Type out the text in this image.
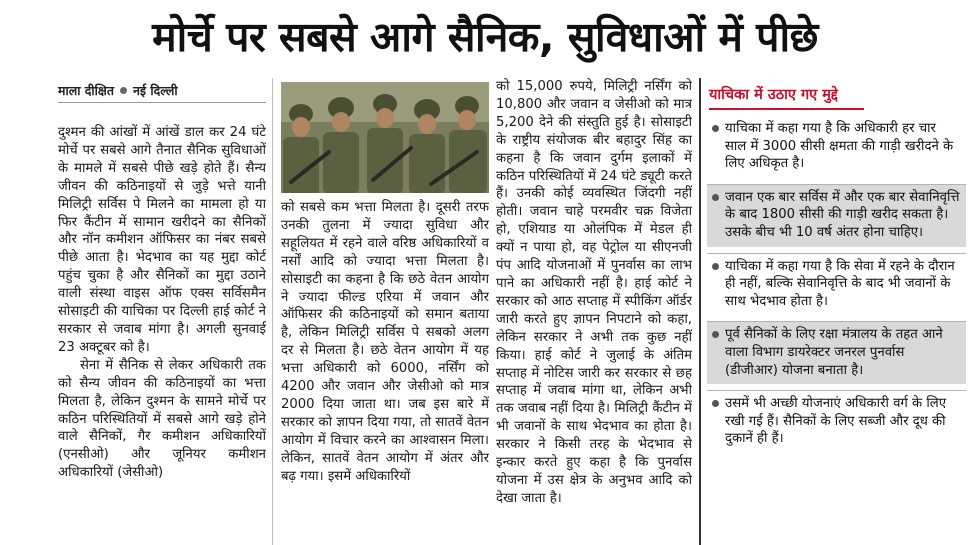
मोर्चे पर सबसे आगे सैनिक, सुविधाओं में पीछे
माला दीक्षित नई दिल्ली

दुश्मन की आंखों में आंखें डाल कर 24 घंटे मोर्चे पर सबसे आगे तैनात सैनिक सुविधाओं के मामले में सबसे पीछे खड़े होते हैं। सैन्य जीवन की कठिनाइयों से जुड़े भत्ते यानी मिलिट्री सर्विस पे मिलने का मामला हो या फिर कैंटीन में सामान खरीदने का सैनिकों और नॉन कमीशन ऑफिसर का नंबर सबसे पीछे आता है। भेदभाव का यह मुद्दा कोर्ट पहुंच चुका है और सैनिकों का मुद्दा उठाने वाली संस्था वाइस ऑफ एक्स सर्विसमैन सोसाइटी की याचिका पर दिल्ली हाई कोर्ट ने सरकार से जवाब मांगा है। अगली सुनवाई 23 अक्टूबर को है।

सेना में सैनिक से लेकर अधिकारी तक को सैन्य जीवन की कठिनाइयों का भत्ता मिलता है, लेकिन दुश्मन के सामने मोर्चे पर कठिन परिस्थितियों में सबसे आगे खड़े होने वाले सैनिकों, गैर कमीशन अधिकारियों (एनसीओ) और जूनियर कमीशन अधिकारियों (जेसीओ)

को सबसे कम भत्ता मिलता है। दूसरी तरफ उनकी तुलना में ज्यादा सुविधा और सहूलियत में रहने वाले वरिष्ठ अधिकारियों व नर्सों आदि को ज्यादा भत्ता मिलता है। सोसाइटी का कहना है कि छठे वेतन आयोग ने ज्यादा फील्ड एरिया में जवान और ऑफिसर की कठिनाइयों को समान बताया है, लेकिन मिलिट्री सर्विस पे सबको अलग दर से मिलता है। छठे वेतन आयोग में यह भत्ता अधिकारी को 6000, नर्सिंग को 4200 और जवान और जेसीओ को मात्र 2000 दिया जाता था। जब इस बारे में सरकार को ज्ञापन दिया गया, तो सातवें वेतन आयोग में विचार करने का आश्वासन मिला। लेकिन, सातवें वेतन आयोग में अंतर और बढ़ गया। इसमें अधिकारियों

को 15,000 रुपये, मिलिट्री नर्सिंग को 10,800 और जवान व जेसीओ को मात्र 5,200 देने की संस्तुति हुई है। सोसाइटी के राष्ट्रीय संयोजक बीर बहादुर सिंह का कहना है कि जवान दुर्गम इलाकों में कठिन परिस्थितियों में 24 घंटे ड्यूटी करते हैं। उनकी कोई व्यवस्थित जिंदगी नहीं होती। जवान चाहे परमवीर चक्र विजेता हो, एशियाड या ओलंपिक में मेडल ही क्यों न पाया हो, वह पेट्रोल या सीएनजी पंप आदि योजनाओं में पुनर्वास का लाभ पाने का अधिकारी नहीं है। हाई कोर्ट ने सरकार को आठ सप्ताह में स्पीकिंग ऑर्डर जारी करते हुए ज्ञापन निपटाने को कहा, लेकिन सरकार ने अभी तक कुछ नहीं किया। हाई कोर्ट ने जुलाई के अंतिम सप्ताह में नोटिस जारी कर सरकार से छह सप्ताह में जवाब मांगा था, लेकिन अभी तक जवाब नहीं दिया है। मिलिट्री कैंटीन में भी जवानों के साथ भेदभाव का होता है। सरकार ने किसी तरह के भेदभाव से इन्कार करते हुए कहा है कि पुनर्वास योजना में उस क्षेत्र के अनुभव आदि को देखा जाता है।

याचिका में उठाए गए मुद्दे
याचिका में कहा गया है कि अधिकारी हर चार साल में 3000 सीसी क्षमता की गाड़ी खरीदने के लिए अधिकृत है।
जवान एक बार सर्विस में और एक बार सेवानिवृत्ति के बाद 1800 सीसी की गाड़ी खरीद सकता है। उसके बीच भी 10 वर्ष अंतर होना चाहिए।
याचिका में कहा गया है कि सेवा में रहने के दौरान ही नहीं, बल्कि सेवानिवृत्ति के बाद भी जवानों के साथ भेदभाव होता है।
पूर्व सैनिकों के लिए रक्षा मंत्रालय के तहत आने वाला विभाग डायरेक्टर जनरल पुनर्वास (डीजीआर) योजना बनाता है।
उसमें भी अच्छी योजनाएं अधिकारी वर्ग के लिए रखी गई हैं। सैनिकों के लिए सब्जी और दूध की दुकानें ही हैं।
